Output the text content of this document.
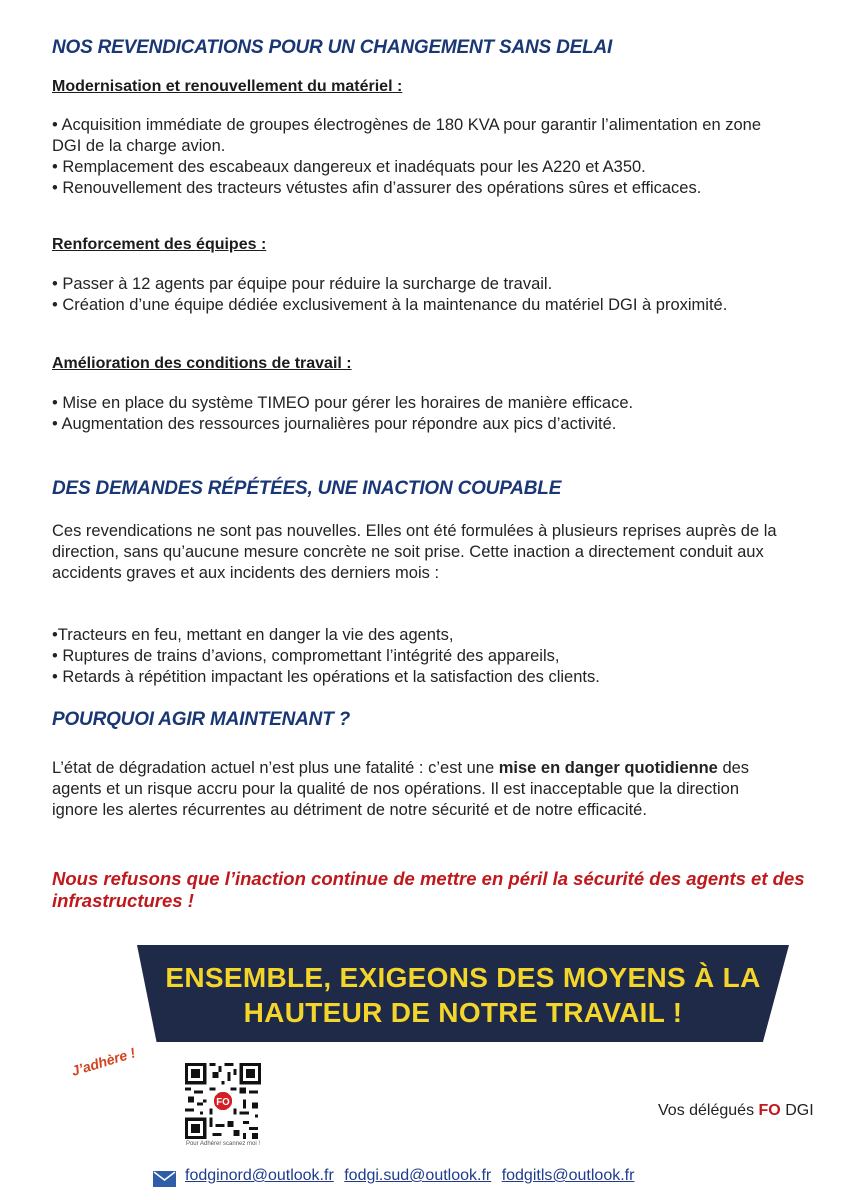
NOS REVENDICATIONS POUR UN CHANGEMENT SANS DELAI
Modernisation et renouvellement du matériel :
• Acquisition immédiate de groupes électrogènes de 180 KVA pour garantir l’alimentation en zone
DGI de la charge avion.
• Remplacement des escabeaux dangereux et inadéquats pour les A220 et A350.
• Renouvellement des tracteurs vétustes afin d’assurer des opérations sûres et efficaces.
Renforcement des équipes :
• Passer à 12 agents par équipe pour réduire la surcharge de travail.
• Création d’une équipe dédiée exclusivement à la maintenance du matériel DGI à proximité.
Amélioration des conditions de travail :
• Mise en place du système TIMEO pour gérer les horaires de manière efficace.
• Augmentation des ressources journalières pour répondre aux pics d’activité.
DES DEMANDES RÉPÉTÉES, UNE INACTION COUPABLE
Ces revendications ne sont pas nouvelles. Elles ont été formulées à plusieurs reprises auprès de la
direction, sans qu’aucune mesure concrète ne soit prise. Cette inaction a directement conduit aux
accidents graves et aux incidents des derniers mois :
•Tracteurs en feu, mettant en danger la vie des agents,
• Ruptures de trains d’avions, compromettant l’intégrité des appareils,
• Retards à répétition impactant les opérations et la satisfaction des clients.
POURQUOI AGIR MAINTENANT ?
L’état de dégradation actuel n’est plus une fatalité : c’est une mise en danger quotidienne des
agents et un risque accru pour la qualité de nos opérations. Il est inacceptable que la direction
ignore les alertes récurrentes au détriment de notre sécurité et de notre efficacité.
Nous refusons que l’inaction continue de mettre en péril la sécurité des agents et des
infrastructures !
ENSEMBLE, EXIGEONS DES MOYENS À LA
HAUTEUR DE NOTRE TRAVAIL !
J’adhère !
FO
Pour Adhérer scannez moi !
Vos délégués FO DGI
fodginord@outlook.fr fodgi.sud@outlook.fr fodgitls@outlook.fr
